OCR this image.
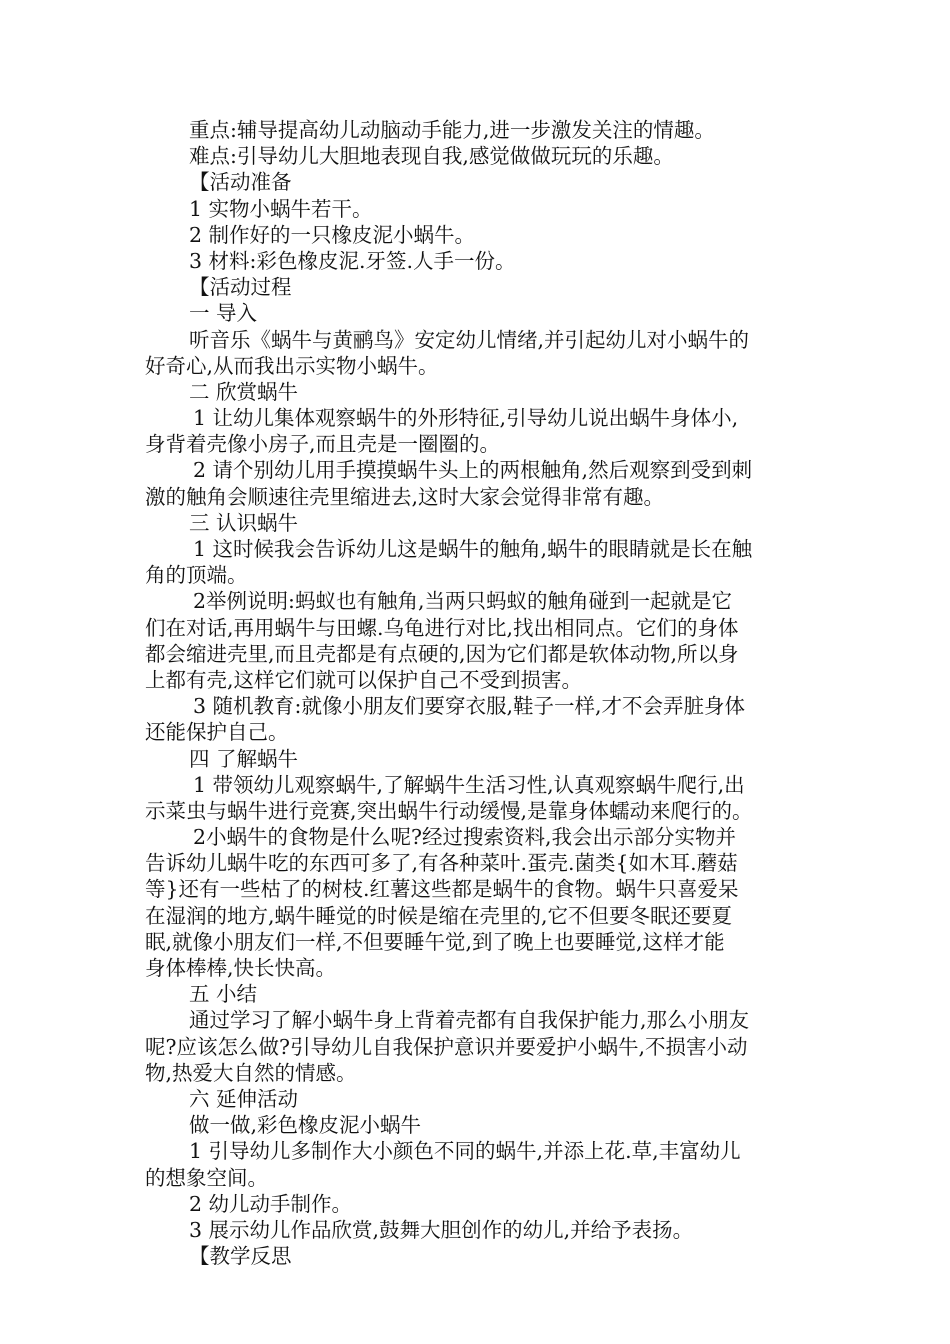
重点:辅导提高幼儿动脑动手能力,进一步激发关注的情趣。
难点:引导幼儿大胆地表现自我,感觉做做玩玩的乐趣。
【活动准备
1 实物小蜗牛若干。
2 制作好的一只橡皮泥小蜗牛。
3 材料:彩色橡皮泥.牙签.人手一份。
【活动过程
一 导入
听音乐《蜗牛与黄鹂鸟》安定幼儿情绪,并引起幼儿对小蜗牛的
好奇心,从而我出示实物小蜗牛。
二 欣赏蜗牛
1 让幼儿集体观察蜗牛的外形特征,引导幼儿说出蜗牛身体小,
身背着壳像小房子,而且壳是一圈圈的。
2 请个别幼儿用手摸摸蜗牛头上的两根触角,然后观察到受到刺
激的触角会顺速往壳里缩进去,这时大家会觉得非常有趣。
三 认识蜗牛
1 这时候我会告诉幼儿这是蜗牛的触角,蜗牛的眼睛就是长在触
角的顶端。
2举例说明:蚂蚁也有触角,当两只蚂蚁的触角碰到一起就是它
们在对话,再用蜗牛与田螺.乌龟进行对比,找出相同点。它们的身体
都会缩进壳里,而且壳都是有点硬的,因为它们都是软体动物,所以身
上都有壳,这样它们就可以保护自己不受到损害。
3 随机教育:就像小朋友们要穿衣服,鞋子一样,才不会弄脏身体
还能保护自己。
四 了解蜗牛
1 带领幼儿观察蜗牛,了解蜗牛生活习性,认真观察蜗牛爬行,出
示菜虫与蜗牛进行竞赛,突出蜗牛行动缓慢,是靠身体蠕动来爬行的。
2小蜗牛的食物是什么呢?经过搜索资料,我会出示部分实物并
告诉幼儿蜗牛吃的东西可多了,有各种菜叶.蛋壳.菌类{如木耳.蘑菇
等}还有一些枯了的树枝.红薯这些都是蜗牛的食物。蜗牛只喜爱呆
在湿润的地方,蜗牛睡觉的时候是缩在壳里的,它不但要冬眠还要夏
眠,就像小朋友们一样,不但要睡午觉,到了晚上也要睡觉,这样才能
身体棒棒,快长快高。
五 小结
通过学习了解小蜗牛身上背着壳都有自我保护能力,那么小朋友
呢?应该怎么做?引导幼儿自我保护意识并要爱护小蜗牛,不损害小动
物,热爱大自然的情感。
六 延伸活动
做一做,彩色橡皮泥小蜗牛
1 引导幼儿多制作大小颜色不同的蜗牛,并添上花.草,丰富幼儿
的想象空间。
2 幼儿动手制作。
3 展示幼儿作品欣赏,鼓舞大胆创作的幼儿,并给予表扬。
【教学反思
